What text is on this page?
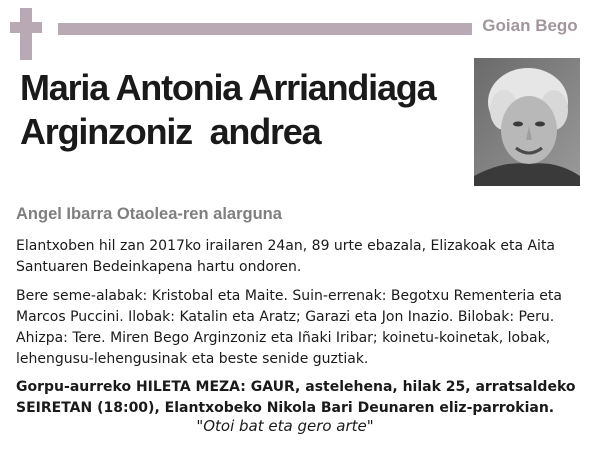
Goian Bego
Maria Antonia Arriandiaga
Arginzoniz  andrea
Angel Ibarra Otaolea-ren alarguna
Elantxoben hil zan 2017ko irailaren 24an, 89 urte ebazala, Elizakoak eta Aita Santuaren Bedeinkapena hartu ondoren.
Bere seme-alabak: Kristobal eta Maite. Suin-errenak: Begotxu Rementeria eta Marcos Puccini. Ilobak: Katalin eta Aratz; Garazi eta Jon Inazio. Bilobak: Peru. Ahizpa: Tere. Miren Bego Arginzoniz eta Iñaki Iribar; koinetu-koinetak, lobak, lehengusu-lehengusinak eta beste senide guztiak.
Gorpu-aurreko HILETA MEZA: GAUR, astelehena, hilak 25, arratsaldeko SEIRETAN (18:00), Elantxobeko Nikola Bari Deunaren eliz-parrokian.
"Otoi bat eta gero arte"
